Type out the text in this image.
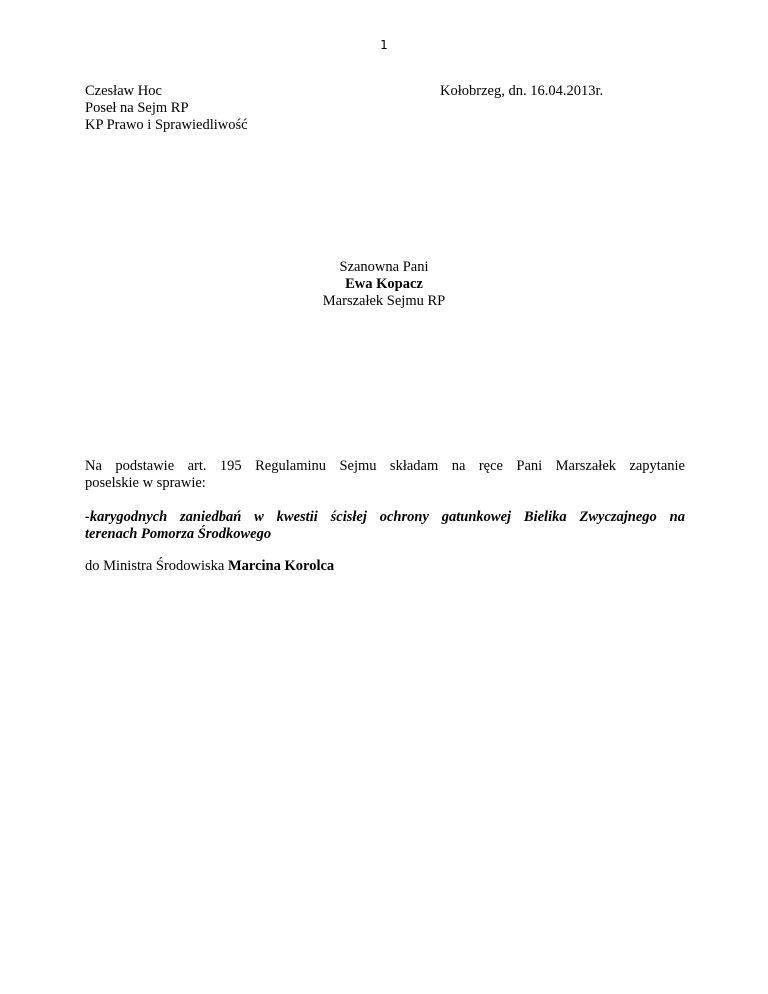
1
Czesław Hoc
Poseł na Sejm RP
KP Prawo i Sprawiedliwość
Kołobrzeg, dn. 16.04.2013r.
Szanowna Pani
Ewa Kopacz
Marszałek Sejmu RP
Na podstawie art. 195 Regulaminu Sejmu składam na ręce Pani Marszałek zapytanie
poselskie w sprawie:
-karygodnych zaniedbań w kwestii ścisłej ochrony gatunkowej Bielika Zwyczajnego na
terenach Pomorza Środkowego
do Ministra Środowiska Marcina Korolca
